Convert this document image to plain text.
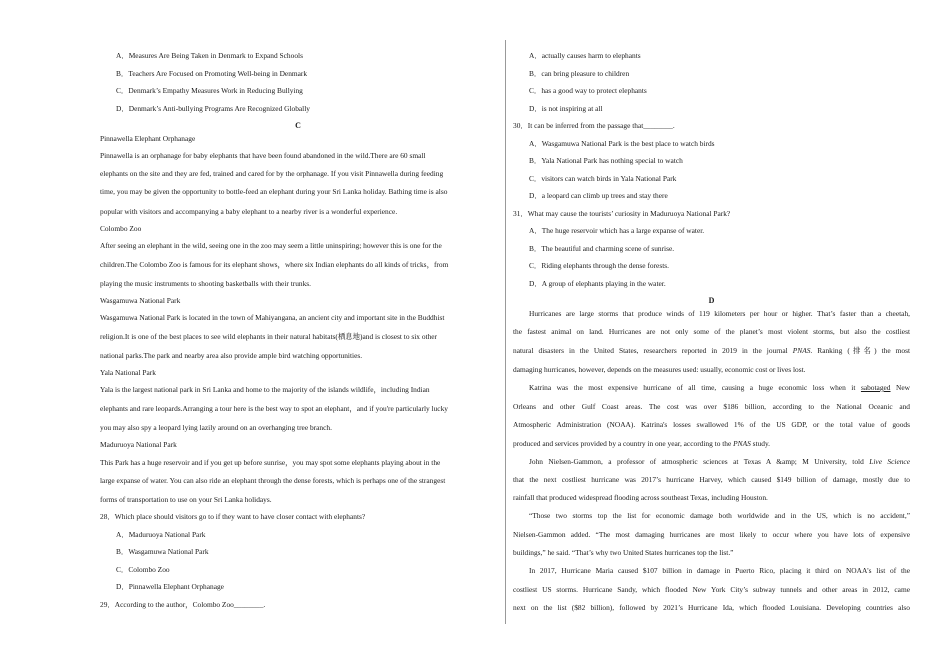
A．Measures Are Being Taken in Denmark to Expand Schools
B．Teachers Are Focused on Promoting Well-being in Denmark
C．Denmark’s Empathy Measures Work in Reducing Bullying
D．Denmark’s Anti-bullying Programs Are Recognized Globally
C
Pinnawella Elephant Orphanage
Pinnawella is an orphanage for baby elephants that have been found abandoned in the wild.There are 60 small
elephants on the site and they are fed, trained and cared for by the orphanage. If you visit Pinnawella during feeding
time, you may be given the opportunity to bottle-feed an elephant during your Sri Lanka holiday. Bathing time is also
popular with visitors and accompanying a baby elephant to a nearby river is a wonderful experience.
Colombo Zoo
After seeing an elephant in the wild, seeing one in the zoo may seem a little uninspiring; however this is one for the
children.The Colombo Zoo is famous for its elephant shows，where six Indian elephants do all kinds of tricks，from
playing the music instruments to shooting basketballs with their trunks.
Wasgamuwa National Park
Wasgamuwa National Park is located in the town of Mahiyangana, an ancient city and important site in the Buddhist
religion.It is one of the best places to see wild elephants in their natural habitats(栖息地)and is closest to six other
national parks.The park and nearby area also provide ample bird watching opportunities.
Yala National Park
Yala is the largest national park in Sri Lanka and home to the majority of the islands wildlife，including Indian
elephants and rare leopards.Arranging a tour here is the best way to spot an elephant，and if you're particularly lucky
you may also spy a leopard lying lazily around on an overhanging tree branch.
Maduruoya National Park
This Park has a huge reservoir and if you get up before sunrise，you may spot some elephants playing about in the
large expanse of water. You can also ride an elephant through the dense forests, which is perhaps one of the strangest
forms of transportation to use on your Sri Lanka holidays.
28．Which place should visitors go to if they want to have closer contact with elephants?
A．Maduruoya National Park
B．Wasgamuwa National Park
C．Colombo Zoo
D．Pinnawella Elephant Orphanage
29．According to the author，Colombo Zoo________.
A．actually causes harm to elephants
B．can bring pleasure to children
C．has a good way to protect elephants
D．is not inspiring at all
30．It can be inferred from the passage that________.
A．Wasgamuwa National Park is the best place to watch birds
B．Yala National Park has nothing special to watch
C．visitors can watch birds in Yala National Park
D．a leopard can climb up trees and stay there
31．What may cause the tourists’ curiosity in Maduruoya National Park?
A．The huge reservoir which has a large expanse of water.
B．The beautiful and charming scene of sunrise.
C．Riding elephants through the dense forests.
D．A group of elephants playing in the water.
D
Hurricanes are large storms that produce winds of 119 kilometers per hour or higher. That’s faster than a cheetah,
the fastest animal on land. Hurricanes are not only some of the planet’s most violent storms, but also the costliest
natural disasters in the United States, researchers reported in 2019 in the journal PNAS. Ranking (排名) the most
damaging hurricanes, however, depends on the measures used: usually, economic cost or lives lost.
Katrina was the most expensive hurricane of all time, causing a huge economic loss when it sabotaged New
Orleans and other Gulf Coast areas. The cost was over $186 billion, according to the National Oceanic and
Atmospheric Administration (NOAA). Katrina's losses swallowed 1% of the US GDP, or the total value of goods
produced and services provided by a country in one year, according to the PNAS study.
John Nielsen-Gammon, a professor of atmospheric sciences at Texas A &amp; M University, told Live Science
that the next costliest hurricane was 2017’s hurricane Harvey, which caused $149 billion of damage, mostly due to
rainfall that produced widespread flooding across southeast Texas, including Houston.
“Those two storms top the list for economic damage both worldwide and in the US, which is no accident,”
Nielsen-Gammon added. “The most damaging hurricanes are most likely to occur where you have lots of expensive
buildings,” he said. “That’s why two United States hurricanes top the list.”
In 2017, Hurricane Maria caused $107 billion in damage in Puerto Rico, placing it third on NOAA's list of the
costliest US storms. Hurricane Sandy, which flooded New York City’s subway tunnels and other areas in 2012, came
next on the list ($82 billion), followed by 2021’s Hurricane Ida, which flooded Louisiana. Developing countries also
